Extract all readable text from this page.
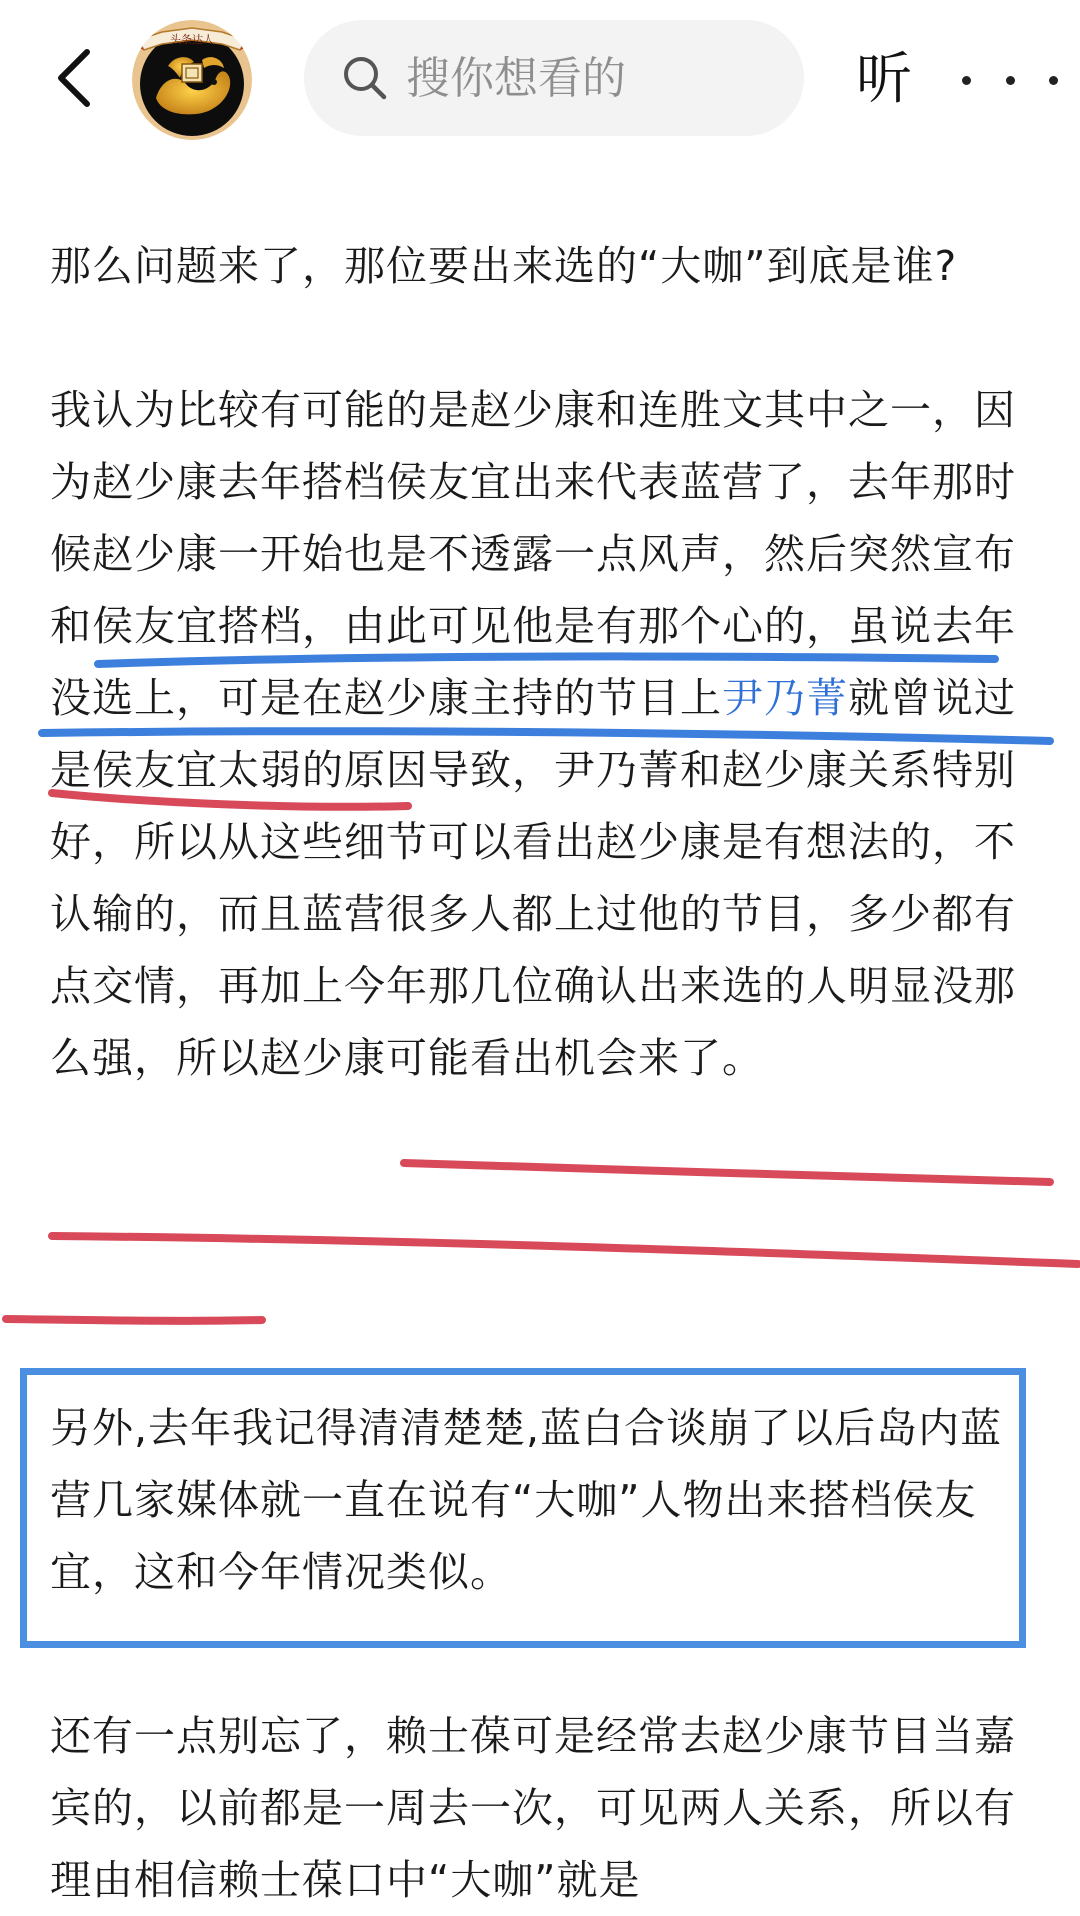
头条达人
搜你想看的
听

那么问题来了，那位要出来选的“大咖”到底是谁?

我认为比较有可能的是赵少康和连胜文其中之一，因为赵少康去年搭档侯友宜出来代表蓝营了，去年那时候赵少康一开始也是不透露一点风声，然后突然宣布和侯友宜搭档，由此可见他是有那个心的，虽说去年没选上，可是在赵少康主持的节目上尹乃菁就曾说过是侯友宜太弱的原因导致，尹乃菁和赵少康关系特别好，所以从这些细节可以看出赵少康是有想法的，不认输的，而且蓝营很多人都上过他的节目，多少都有点交情，再加上今年那几位确认出来选的人明显没那么强，所以赵少康可能看出机会来了。

另外,去年我记得清清楚楚,蓝白合谈崩了以后岛内蓝营几家媒体就一直在说有“大咖”人物出来搭档侯友宜，这和今年情况类似。

还有一点别忘了，赖士葆可是经常去赵少康节目当嘉宾的，以前都是一周去一次，可见两人关系，所以有理由相信赖士葆口中“大咖”就是
